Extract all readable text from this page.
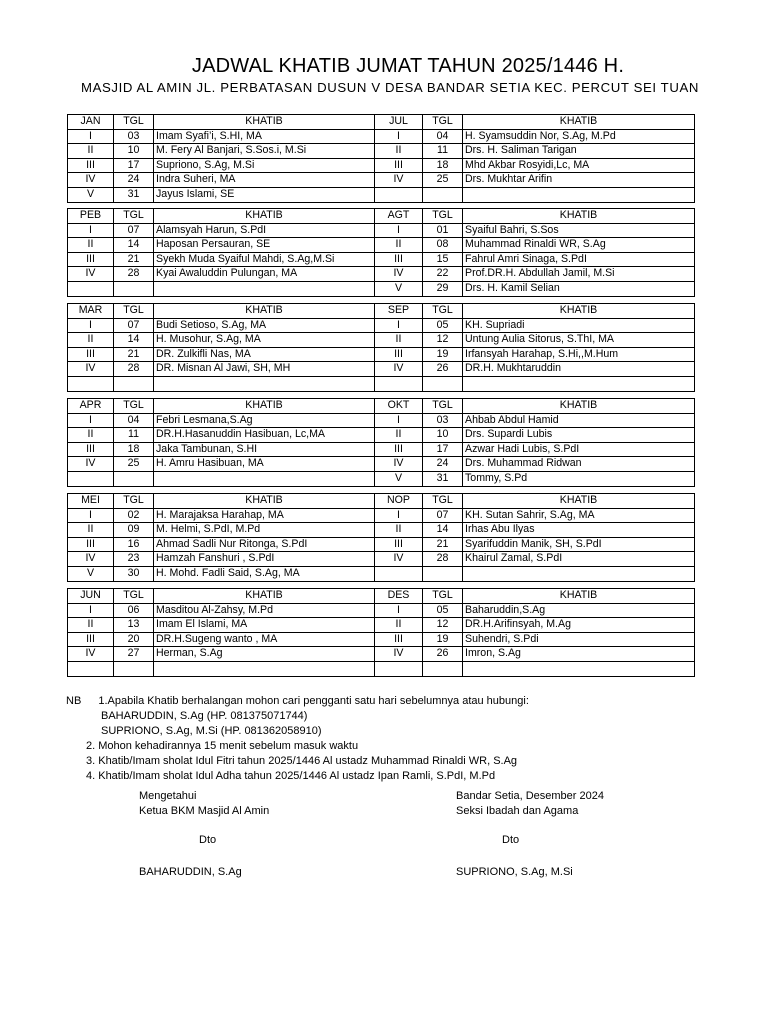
JADWAL KHATIB JUMAT TAHUN 2025/1446 H.
MASJID AL AMIN JL. PERBATASAN DUSUN V DESA BANDAR SETIA KEC. PERCUT SEI TUAN
JAN	TGL	KHATIB	JUL	TGL	KHATIB
I	03	Imam Syafi’i, S.HI, MA	I	04	H. Syamsuddin Nor, S.Ag, M.Pd
II	10	M. Fery Al Banjari, S.Sos.i, M.Si	II	11	Drs. H. Saliman Tarigan
III	17	Supriono, S.Ag, M.Si	III	18	Mhd Akbar Rosyidi,Lc, MA
IV	24	Indra Suheri, MA	IV	25	Drs. Mukhtar Arifin
V	31	Jayus Islami, SE			
PEB	TGL	KHATIB	AGT	TGL	KHATIB
I	07	Alamsyah Harun, S.PdI	I	01	Syaiful Bahri, S.Sos
II	14	Haposan Persauran, SE	II	08	Muhammad Rinaldi WR, S.Ag
III	21	Syekh Muda Syaiful Mahdi, S.Ag,M.Si	III	15	Fahrul Amri Sinaga, S.PdI
IV	28	Kyai Awaluddin Pulungan, MA	IV	22	Prof.DR.H. Abdullah Jamil, M.Si
			V	29	Drs. H. Kamil Selian
MAR	TGL	KHATIB	SEP	TGL	KHATIB
I	07	Budi Setioso, S.Ag, MA	I	05	KH. Supriadi
II	14	H. Musohur, S.Ag, MA	II	12	Untung Aulia Sitorus, S.ThI, MA
III	21	DR. Zulkifli Nas, MA	III	19	Irfansyah Harahap, S.Hi,,M.Hum
IV	28	DR. Misnan Al Jawi, SH, MH	IV	26	DR.H. Mukhtaruddin

APR	TGL	KHATIB	OKT	TGL	KHATIB
I	04	Febri Lesmana,S.Ag	I	03	Ahbab Abdul Hamid
II	11	DR.H.Hasanuddin Hasibuan, Lc,MA	II	10	Drs. Supardi Lubis
III	18	Jaka Tambunan, S.HI	III	17	Azwar Hadi Lubis, S.PdI
IV	25	H. Amru Hasibuan, MA	IV	24	Drs. Muhammad Ridwan
			V	31	Tommy, S.Pd
MEI	TGL	KHATIB	NOP	TGL	KHATIB
I	02	H. Marajaksa Harahap, MA	I	07	KH. Sutan Sahrir, S.Ag, MA
II	09	M. Helmi, S.PdI, M.Pd	II	14	Irhas Abu Ilyas
III	16	Ahmad Sadli Nur Ritonga, S.PdI	III	21	Syarifuddin Manik, SH, S.PdI
IV	23	Hamzah Fanshuri , S.PdI	IV	28	Khairul Zamal, S.PdI
V	30	H. Mohd. Fadli Said, S.Ag, MA			
JUN	TGL	KHATIB	DES	TGL	KHATIB
I	06	Masditou Al-Zahsy, M.Pd	I	05	Baharuddin,S.Ag
II	13	Imam El Islami, MA	II	12	DR.H.Arifinsyah, M.Ag
III	20	DR.H.Sugeng wanto , MA	III	19	Suhendri, S.Pdi
IV	27	Herman, S.Ag	IV	26	Imron, S.Ag

NB 1.Apabila Khatib berhalangan mohon cari pengganti satu hari sebelumnya atau hubungi:
BAHARUDDIN, S.Ag (HP. 081375071744)
SUPRIONO, S.Ag, M.Si (HP. 081362058910)
2. Mohon kehadirannya 15 menit sebelum masuk waktu
3. Khatib/Imam sholat Idul Fitri tahun 2025/1446 Al ustadz Muhammad Rinaldi WR, S.Ag
4. Khatib/Imam sholat Idul Adha tahun 2025/1446 Al ustadz Ipan Ramli, S.PdI, M.Pd
Mengetahui
Ketua BKM Masjid Al Amin
Dto
BAHARUDDIN, S.Ag
Bandar Setia, Desember 2024
Seksi Ibadah dan Agama
Dto
SUPRIONO, S.Ag, M.Si
